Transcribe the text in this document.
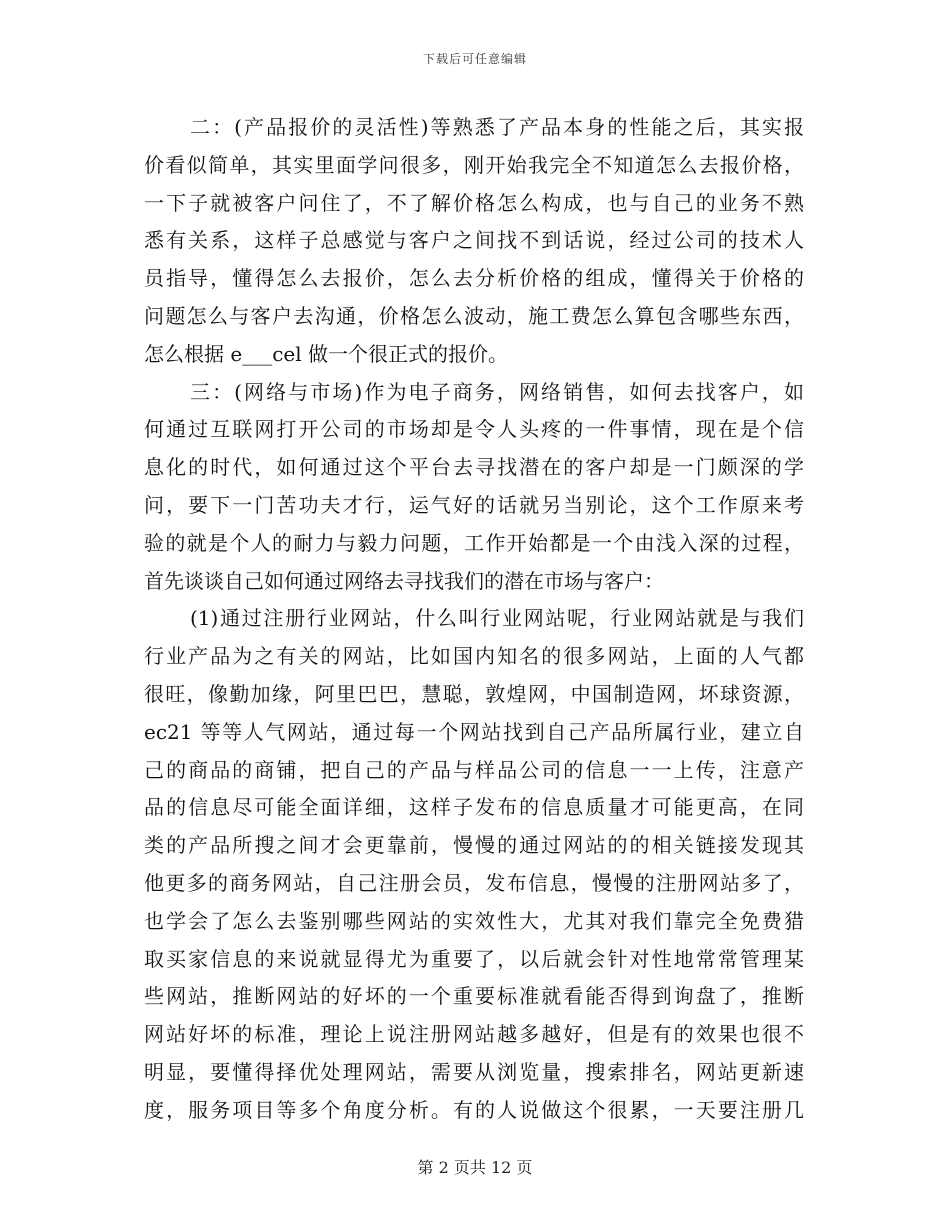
下载后可任意编辑
二：(产品报价的灵活性)等熟悉了产品本身的性能之后，其实报
价看似简单，其实里面学问很多，刚开始我完全不知道怎么去报价格，
一下子就被客户问住了，不了解价格怎么构成，也与自己的业务不熟
悉有关系，这样子总感觉与客户之间找不到话说，经过公司的技术人
员指导，懂得怎么去报价，怎么去分析价格的组成，懂得关于价格的
问题怎么与客户去沟通，价格怎么波动，施工费怎么算包含哪些东西，
怎么根据 e___cel 做一个很正式的报价。
三：(网络与市场)作为电子商务，网络销售，如何去找客户，如
何通过互联网打开公司的市场却是令人头疼的一件事情，现在是个信
息化的时代，如何通过这个平台去寻找潜在的客户却是一门颇深的学
问，要下一门苦功夫才行，运气好的话就另当别论，这个工作原来考
验的就是个人的耐力与毅力问题，工作开始都是一个由浅入深的过程，
首先谈谈自己如何通过网络去寻找我们的潜在市场与客户：
(1)通过注册行业网站，什么叫行业网站呢，行业网站就是与我们
行业产品为之有关的网站，比如国内知名的很多网站，上面的人气都
很旺，像勤加缘，阿里巴巴，慧聪，敦煌网，中国制造网，坏球资源，
ec21 等等人气网站，通过每一个网站找到自己产品所属行业，建立自
己的商品的商铺，把自己的产品与样品公司的信息一一上传，注意产
品的信息尽可能全面详细，这样子发布的信息质量才可能更高，在同
类的产品所搜之间才会更靠前，慢慢的通过网站的的相关链接发现其
他更多的商务网站，自己注册会员，发布信息，慢慢的注册网站多了，
也学会了怎么去鉴别哪些网站的实效性大，尤其对我们靠完全免费猎
取买家信息的来说就显得尤为重要了，以后就会针对性地常常管理某
些网站，推断网站的好坏的一个重要标准就看能否得到询盘了，推断
网站好坏的标准，理论上说注册网站越多越好，但是有的效果也很不
明显，要懂得择优处理网站，需要从浏览量，搜索排名，网站更新速
度，服务项目等多个角度分析。有的人说做这个很累，一天要注册几
第 2 页共 12 页
